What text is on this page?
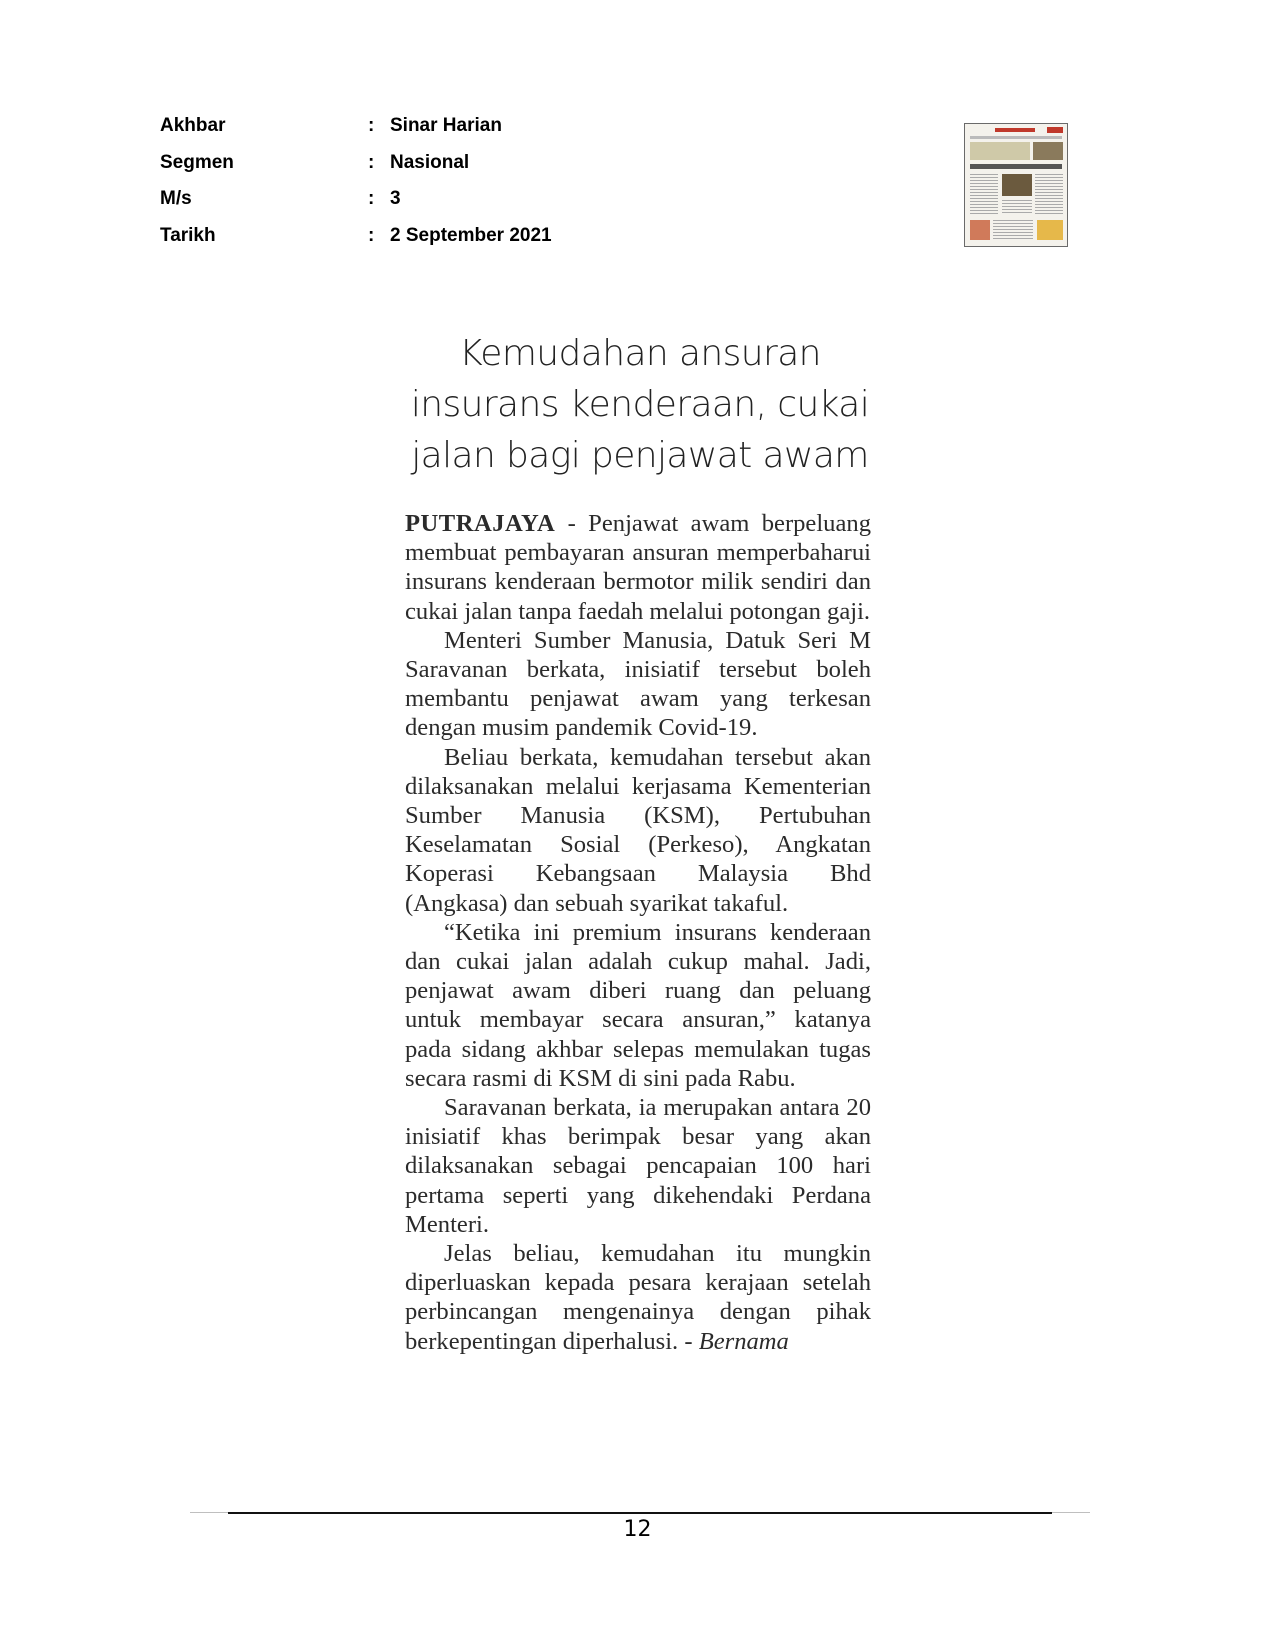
Akhbar	: Sinar Harian
Segmen	: Nasional
M/s	: 3
Tarikh	: 2 September 2021
Kemudahan ansuran
insurans kenderaan, cukai
jalan bagi penjawat awam

PUTRAJAYA - Penjawat awam berpeluang membuat pembayaran ansuran memperbaharui insurans kenderaan bermotor milik sendiri dan cukai jalan tanpa faedah melalui potongan gaji.

Menteri Sumber Manusia, Datuk Seri M Saravanan berkata, inisiatif tersebut boleh membantu penjawat awam yang terkesan dengan musim pandemik Covid-19.

Beliau berkata, kemudahan tersebut akan dilaksanakan melalui kerjasama Kementerian Sumber Manusia (KSM), Pertubuhan Keselamatan Sosial (Perkeso), Angkatan Koperasi Kebangsaan Malaysia Bhd (Angkasa) dan sebuah syarikat takaful.

“Ketika ini premium insurans kenderaan dan cukai jalan adalah cukup mahal. Jadi, penjawat awam diberi ruang dan peluang untuk membayar secara ansuran,” katanya pada sidang akhbar selepas memulakan tugas secara rasmi di KSM di sini pada Rabu.

Saravanan berkata, ia merupakan antara 20 inisiatif khas berimpak besar yang akan dilaksanakan sebagai pencapaian 100 hari pertama seperti yang dikehendaki Perdana Menteri.

Jelas beliau, kemudahan itu mungkin diperluaskan kepada pesara kerajaan setelah perbincangan mengenainya dengan pihak berkepentingan diperhalusi. - Bernama

12
